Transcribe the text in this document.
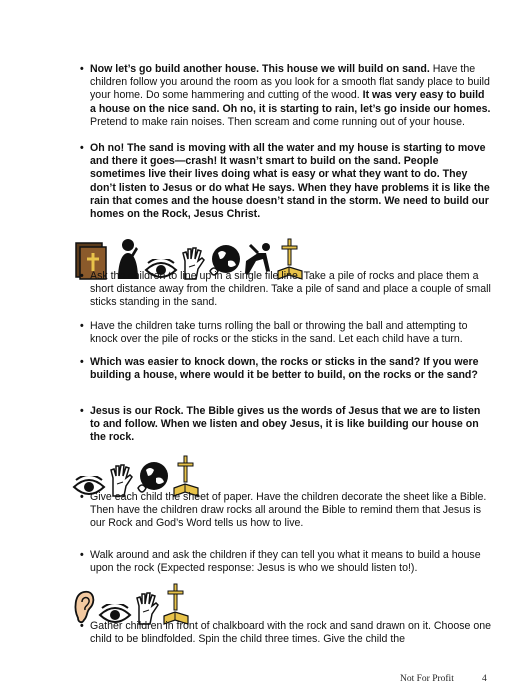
• Now let’s go build another house. This house we will build on sand. Have the children follow you around the room as you look for a smooth flat sandy place to build your home. Do some hammering and cutting of the wood. It was very easy to build a house on the nice sand. Oh no, it is starting to rain, let’s go inside our homes. Pretend to make rain noises. Then scream and come running out of your house.
• Oh no! The sand is moving with all the water and my house is starting to move and there it goes—crash! It wasn’t smart to build on the sand. People sometimes live their lives doing what is easy or what they want to do. They don’t listen to Jesus or do what He says. When they have problems it is like the rain that comes and the house doesn’t stand in the storm. We need to build our homes on the Rock, Jesus Christ.
• Ask the children to line up in a single file line. Take a pile of rocks and place them a short distance away from the children. Take a pile of sand and place a couple of small sticks standing in the sand.
• Have the children take turns rolling the ball or throwing the ball and attempting to knock over the pile of rocks or the sticks in the sand. Let each child have a turn.
• Which was easier to knock down, the rocks or sticks in the sand? If you were building a house, where would it be better to build, on the rocks or the sand?
• Jesus is our Rock. The Bible gives us the words of Jesus that we are to listen to and follow. When we listen and obey Jesus, it is like building our house on the rock.
• Give each child the sheet of paper. Have the children decorate the sheet like a Bible. Then have the children draw rocks all around the Bible to remind them that Jesus is our Rock and God’s Word tells us how to live.
• Walk around and ask the children if they can tell you what it means to build a house upon the rock (Expected response: Jesus is who we should listen to!).
• Gather children in front of chalkboard with the rock and sand drawn on it. Choose one child to be blindfolded. Spin the child three times. Give the child the
Not For Profit	4
